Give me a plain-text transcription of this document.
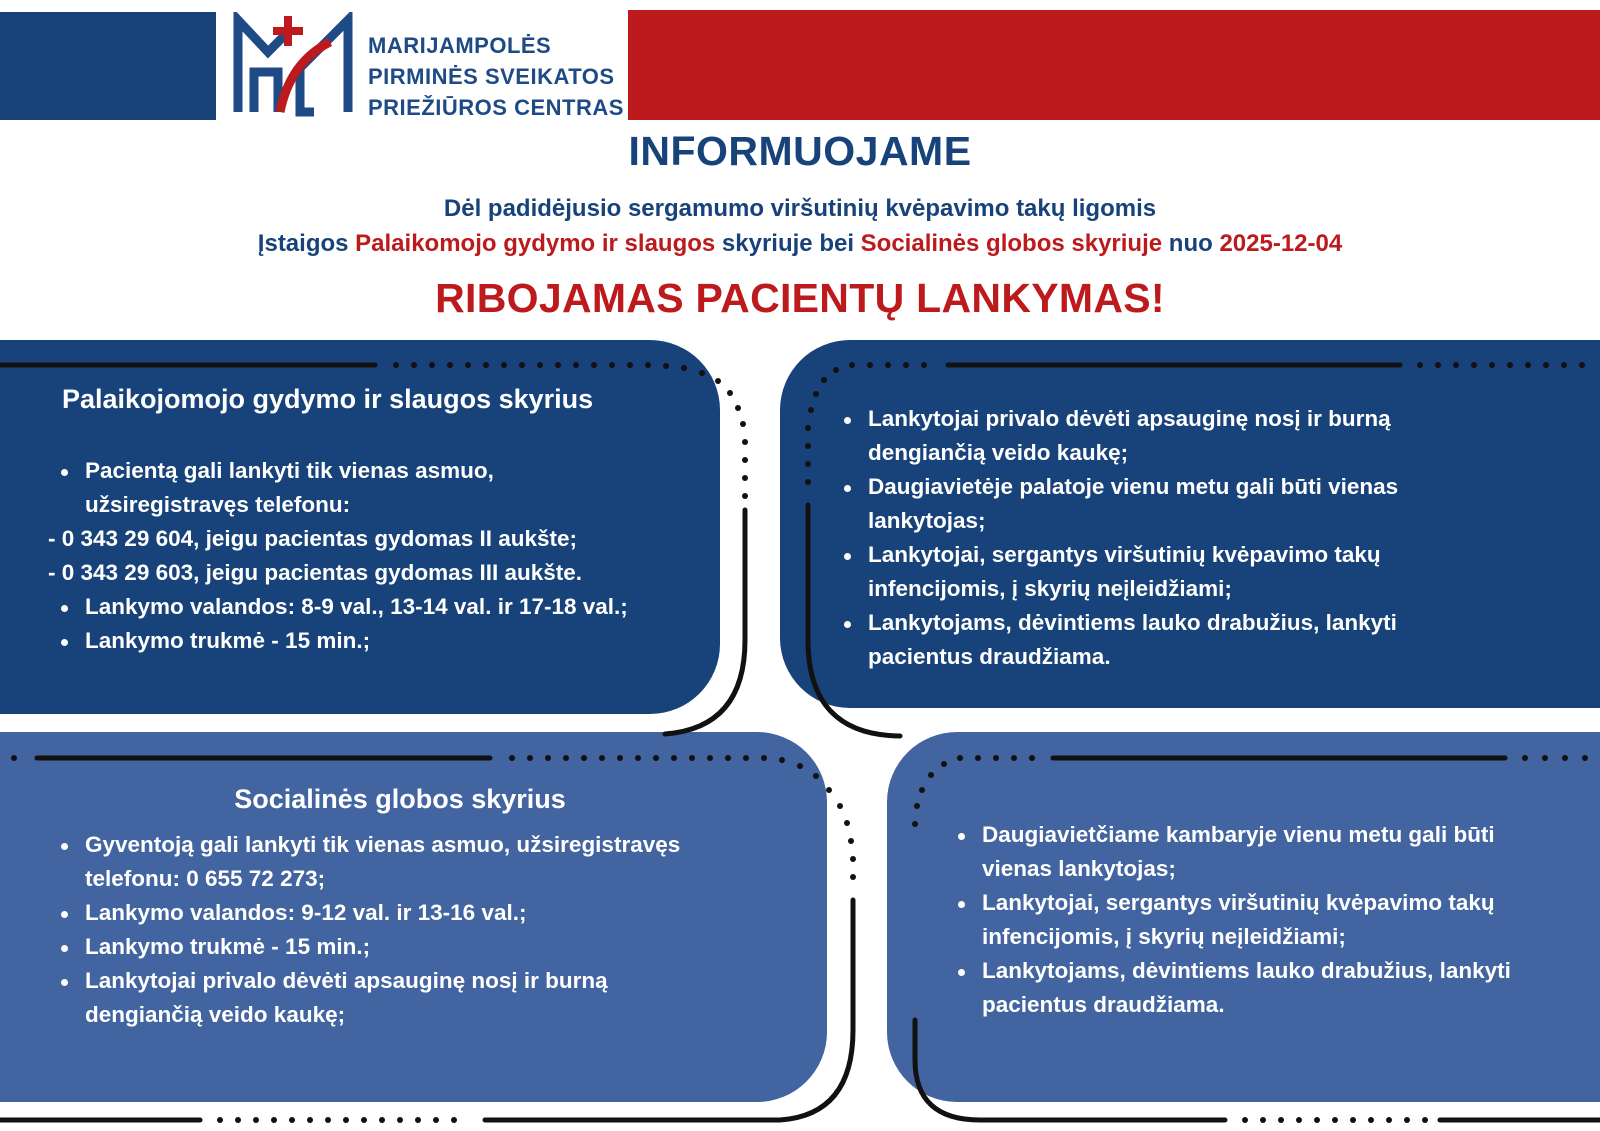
MARIJAMPOLĖS
PIRMINĖS SVEIKATOS
PRIEŽIŪROS CENTRAS
INFORMUOJAME
Dėl padidėjusio sergamumo viršutinių kvėpavimo takų ligomis
Įstaigos Palaikomojo gydymo ir slaugos skyriuje bei Socialinės globos skyriuje nuo 2025-12-04
RIBOJAMAS PACIENTŲ LANKYMAS!
Palaikojomojo gydymo ir slaugos skyrius
Pacientą gali lankyti tik vienas asmuo,
užsiregistravęs telefonu:
- 0 343 29 604, jeigu pacientas gydomas II aukšte;
- 0 343 29 603, jeigu pacientas gydomas III aukšte.
Lankymo valandos: 8-9 val., 13-14 val. ir 17-18 val.;
Lankymo trukmė - 15 min.;
Lankytojai privalo dėvėti apsauginę nosį ir burną
dengiančią veido kaukę;
Daugiavietėje palatoje vienu metu gali būti vienas
lankytojas;
Lankytojai, sergantys viršutinių kvėpavimo takų
infencijomis, į skyrių neįleidžiami;
Lankytojams, dėvintiems lauko drabužius, lankyti
pacientus draudžiama.
Socialinės globos skyrius
Gyventoją gali lankyti tik vienas asmuo, užsiregistravęs
telefonu: 0 655 72 273;
Lankymo valandos: 9-12 val. ir 13-16 val.;
Lankymo trukmė - 15 min.;
Lankytojai privalo dėvėti apsauginę nosį ir burną
dengiančią veido kaukę;
Daugiavietčiame kambaryje vienu metu gali būti
vienas lankytojas;
Lankytojai, sergantys viršutinių kvėpavimo takų
infencijomis, į skyrių neįleidžiami;
Lankytojams, dėvintiems lauko drabužius, lankyti
pacientus draudžiama.
